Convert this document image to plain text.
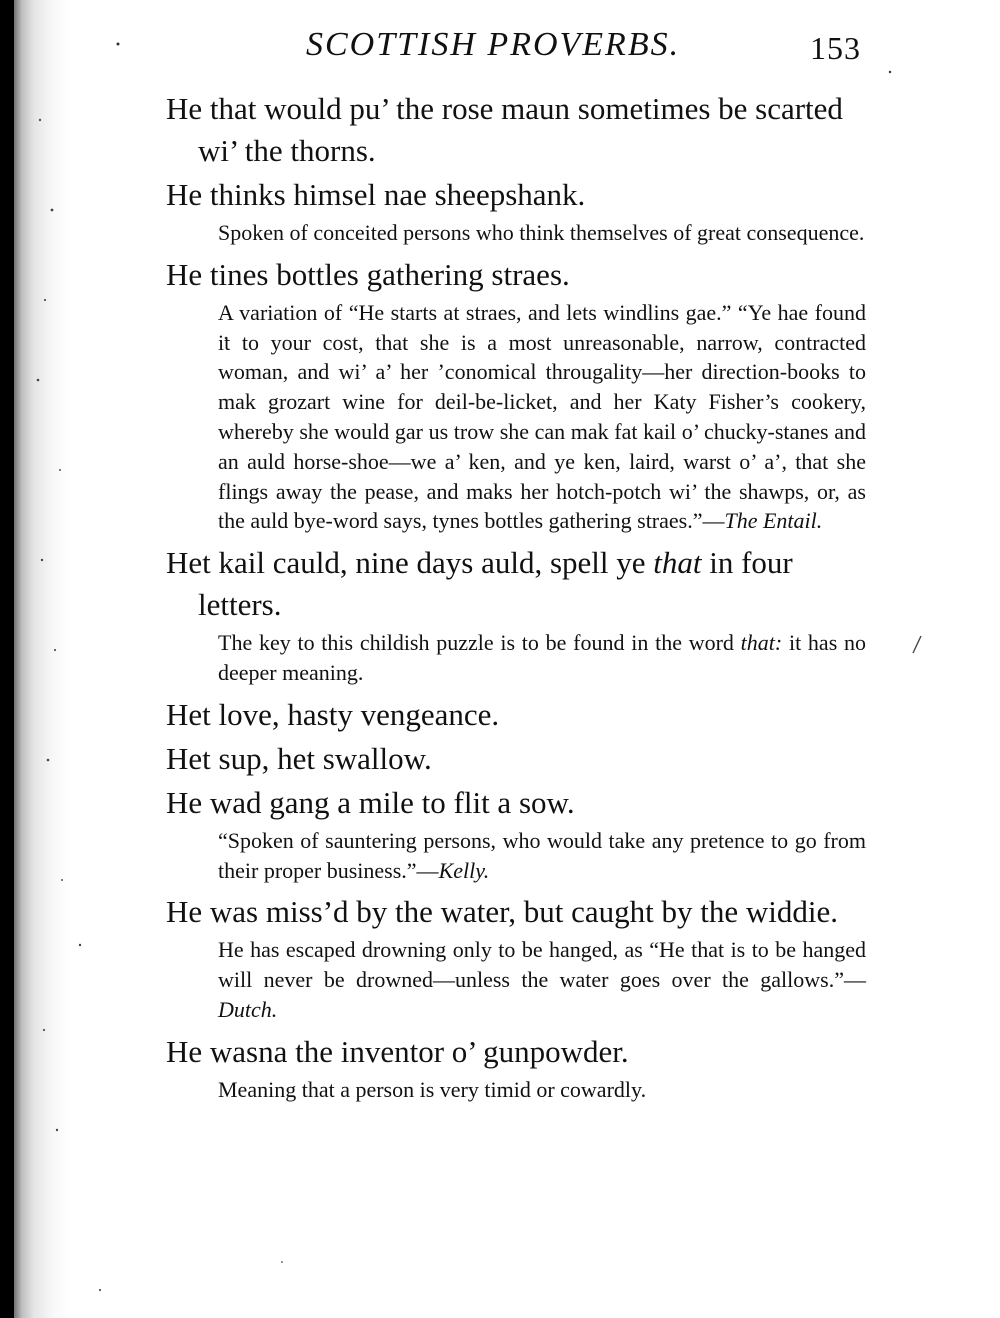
SCOTTISH PROVERBS.	153

He that would pu’ the rose maun sometimes be scarted wi’ the thorns.

He thinks himsel nae sheepshank.

Spoken of conceited persons who think themselves of great consequence.

He tines bottles gathering straes.

A variation of “He starts at straes, and lets windlins gae.” “Ye hae found it to your cost, that she is a most unreasonable, narrow, contracted woman, and wi’ a’ her ’conomical througality—her direction-books to mak grozart wine for deil-be-licket, and her Katy Fisher’s cookery, whereby she would gar us trow she can mak fat kail o’ chucky-stanes and an auld horse-shoe—we a’ ken, and ye ken, laird, warst o’ a’, that she flings away the pease, and maks her hotch-potch wi’ the shawps, or, as the auld bye-word says, tynes bottles gathering straes.”—The Entail.

Het kail cauld, nine days auld, spell ye that in four letters.

The key to this childish puzzle is to be found in the word that: it has no deeper meaning.

Het love, hasty vengeance.

Het sup, het swallow.

He wad gang a mile to flit a sow.

“Spoken of sauntering persons, who would take any pretence to go from their proper business.”—Kelly.

He was miss’d by the water, but caught by the widdie.

He has escaped drowning only to be hanged, as “He that is to be hanged will never be drowned—unless the water goes over the gallows.”—Dutch.

He wasna the inventor o’ gunpowder.

Meaning that a person is very timid or cowardly.
